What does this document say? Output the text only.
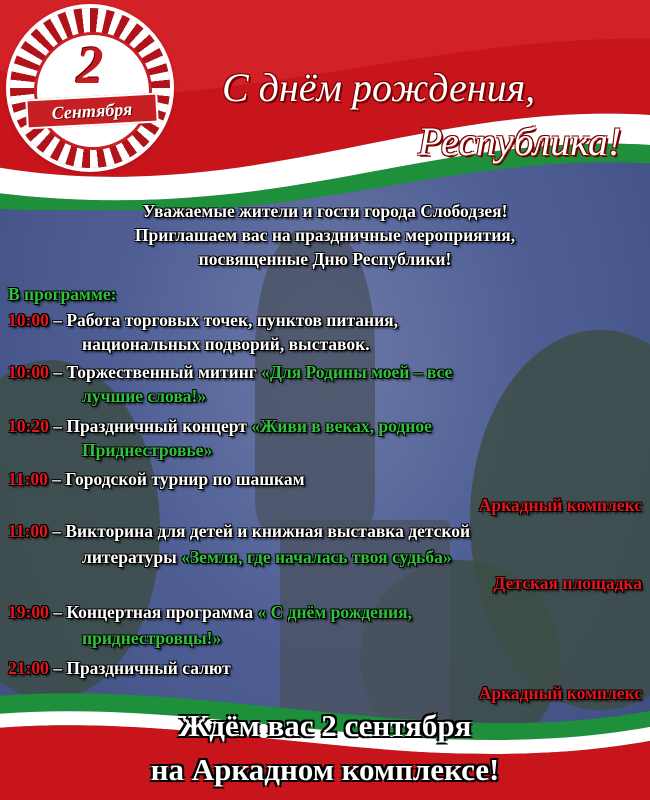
2
Сентября
С днём рождения,
Республика!
Уважаемые жители и гости города Слободзея!
Приглашаем вас на праздничные мероприятия,
посвященные Дню Республики!
В программе:
10:00 – Работа торговых точек, пунктов питания,
национальных подворий, выставок.
10:00 – Торжественный митинг «Для Родины моей – все
лучшие слова!»
10:20 – Праздничный концерт «Живи в веках, родное
Приднестровье»
11:00 – Городской турнир по шашкам
Аркадный комплекс
11:00 – Викторина для детей и книжная выставка детской
литературы «Земля, где началась твоя судьба»
Детская площадка
19:00 – Концертная программа « С днём рождения,
приднестровцы!»
21:00 – Праздничный салют
Аркадный комплекс
Ждём вас 2 сентября
на Аркадном комплексе!
